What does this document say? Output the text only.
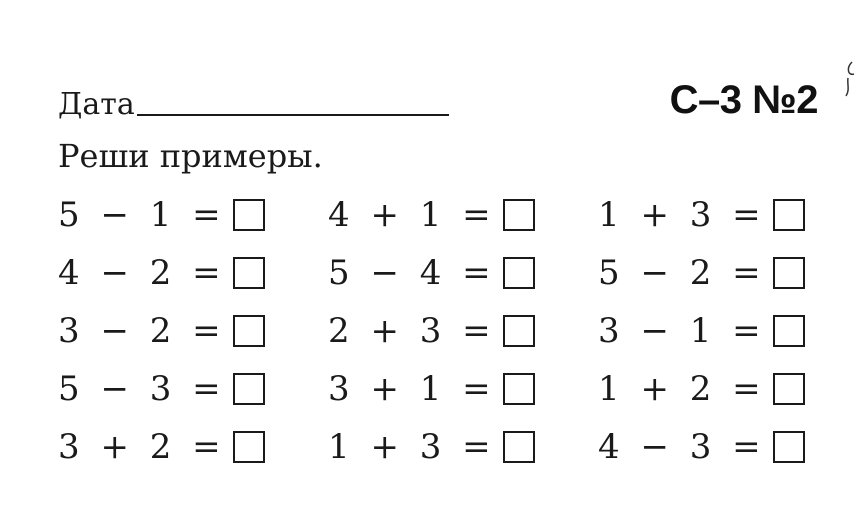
Дата	С–3 №2
Реши примеры.
5 − 1 =
4 − 2 =
3 − 2 =
5 − 3 =
3 + 2 =
4 + 1 =
5 − 4 =
2 + 3 =
3 + 1 =
1 + 3 =
1 + 3 =
5 − 2 =
3 − 1 =
1 + 2 =
4 − 3 =
